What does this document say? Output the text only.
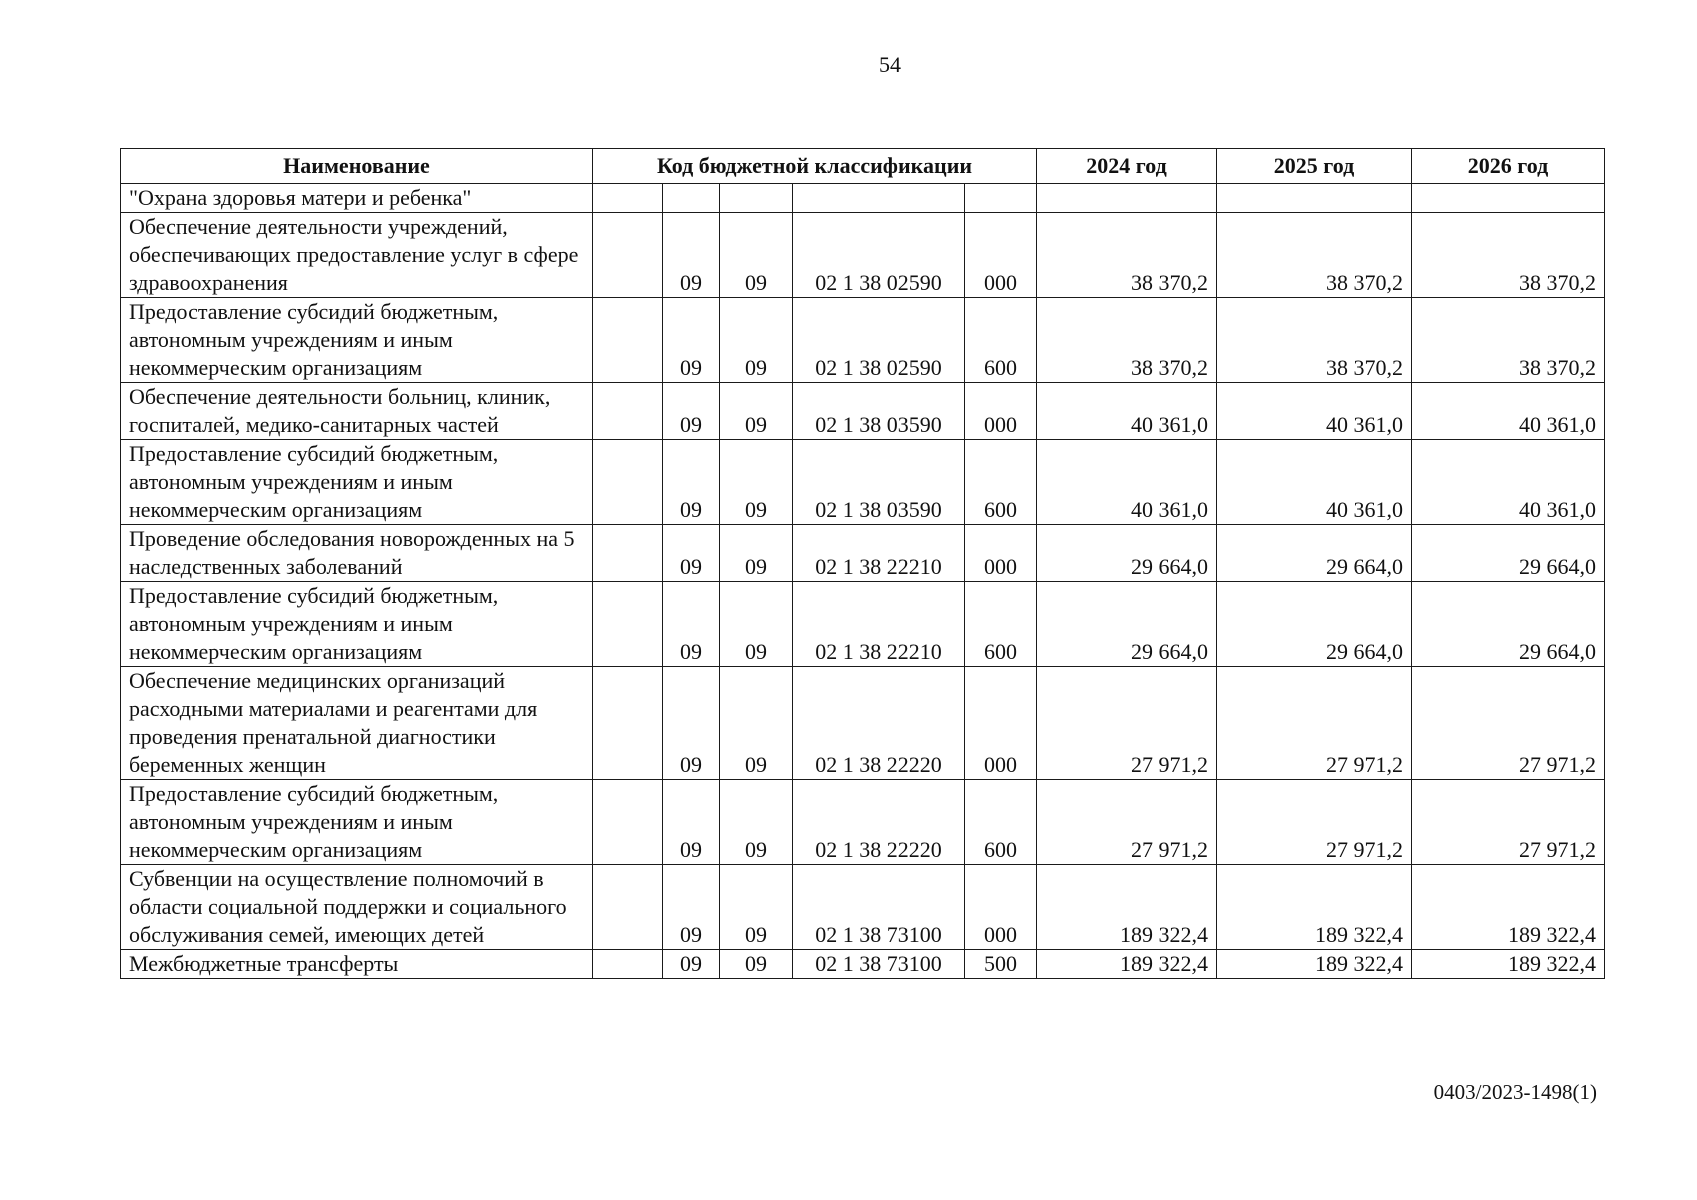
54
Наименование	Код бюджетной классификации					2024 год	2025 год	2026 год
"Охрана здоровья матери и ребенка"								
Обеспечение деятельности учреждений, обеспечивающих предоставление услуг в сфере здравоохранения		09	09	02 1 38 02590	000	38 370,2	38 370,2	38 370,2
Предоставление субсидий бюджетным, автономным учреждениям и иным некоммерческим организациям		09	09	02 1 38 02590	600	38 370,2	38 370,2	38 370,2
Обеспечение деятельности больниц, клиник, госпиталей, медико-санитарных частей		09	09	02 1 38 03590	000	40 361,0	40 361,0	40 361,0
Предоставление субсидий бюджетным, автономным учреждениям и иным некоммерческим организациям		09	09	02 1 38 03590	600	40 361,0	40 361,0	40 361,0
Проведение обследования новорожденных на 5 наследственных заболеваний		09	09	02 1 38 22210	000	29 664,0	29 664,0	29 664,0
Предоставление субсидий бюджетным, автономным учреждениям и иным некоммерческим организациям		09	09	02 1 38 22210	600	29 664,0	29 664,0	29 664,0
Обеспечение медицинских организаций расходными материалами и реагентами для проведения пренатальной диагностики беременных женщин		09	09	02 1 38 22220	000	27 971,2	27 971,2	27 971,2
Предоставление субсидий бюджетным, автономным учреждениям и иным некоммерческим организациям		09	09	02 1 38 22220	600	27 971,2	27 971,2	27 971,2
Субвенции на осуществление полномочий в области социальной поддержки и социального обслуживания семей, имеющих детей		09	09	02 1 38 73100	000	189 322,4	189 322,4	189 322,4
Межбюджетные трансферты		09	09	02 1 38 73100	500	189 322,4	189 322,4	189 322,4
0403/2023-1498(1)
